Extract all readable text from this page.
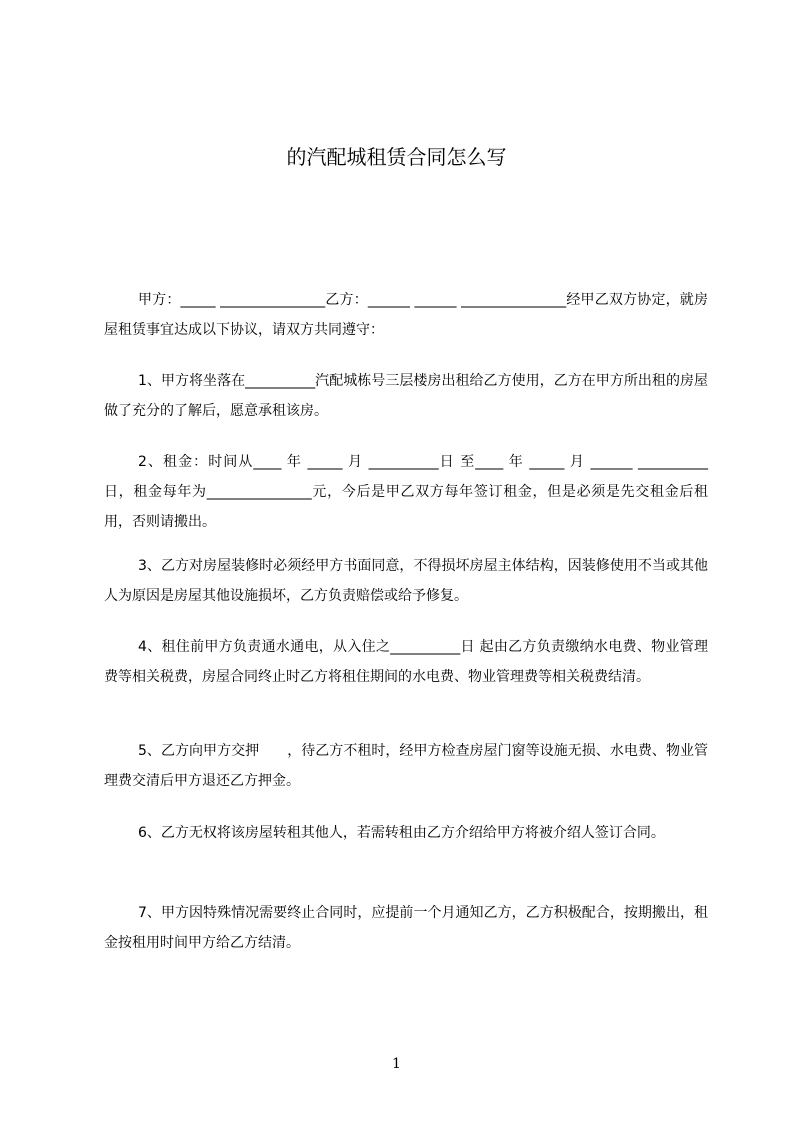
的汽配城租赁合同怎么写

甲方：_____ _______________乙方：______ ______ _______________经甲乙双方协定，就房屋租赁事宜达成以下协议，请双方共同遵守：

1、甲方将坐落在__________汽配城栋号三层楼房出租给乙方使用，乙方在甲方所出租的房屋做了充分的了解后，愿意承租该房。

2、租金：时间从____ 年 _____ 月 __________日 至____ 年 _____ 月 ______ __________日，租金每年为_______________元，今后是甲乙双方每年签订租金，但是必须是先交租金后租用，否则请搬出。

3、乙方对房屋装修时必须经甲方书面同意，不得损坏房屋主体结构，因装修使用不当或其他人为原因是房屋其他设施损坏，乙方负责赔偿或给予修复。

4、租住前甲方负责通水通电，从入住之__________日 起由乙方负责缴纳水电费、物业管理费等相关税费，房屋合同终止时乙方将租住期间的水电费、物业管理费等相关税费结清。

5、乙方向甲方交押　　，待乙方不租时，经甲方检查房屋门窗等设施无损、水电费、物业管理费交清后甲方退还乙方押金。

6、乙方无权将该房屋转租其他人，若需转租由乙方介绍给甲方将被介绍人签订合同。

7、甲方因特殊情况需要终止合同时，应提前一个月通知乙方，乙方积极配合，按期搬出，租金按租用时间甲方给乙方结清。

1
